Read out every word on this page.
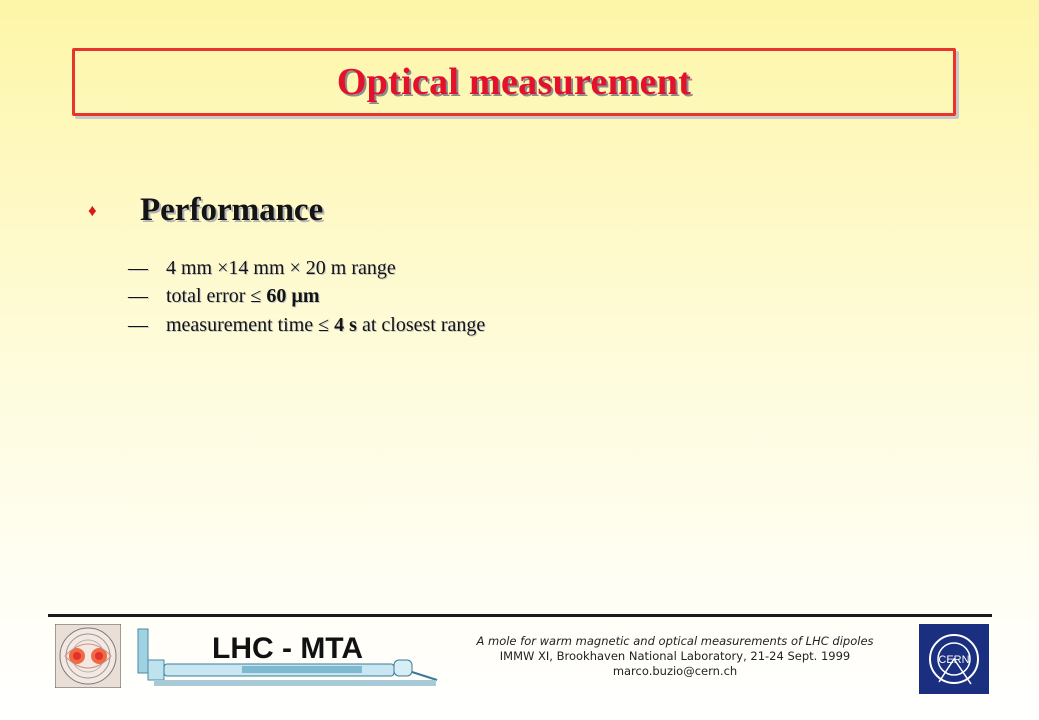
Optical measurement
♦	Performance
— 4 mm ×14 mm × 20 m range
— total error ≤ 60 µm
— measurement time ≤ 4 s at closest range
LHC - MTA	A mole for warm magnetic and optical measurements of LHC dipoles
IMMW XI, Brookhaven National Laboratory, 21-24 Sept. 1999
marco.buzio@cern.ch
CERN
